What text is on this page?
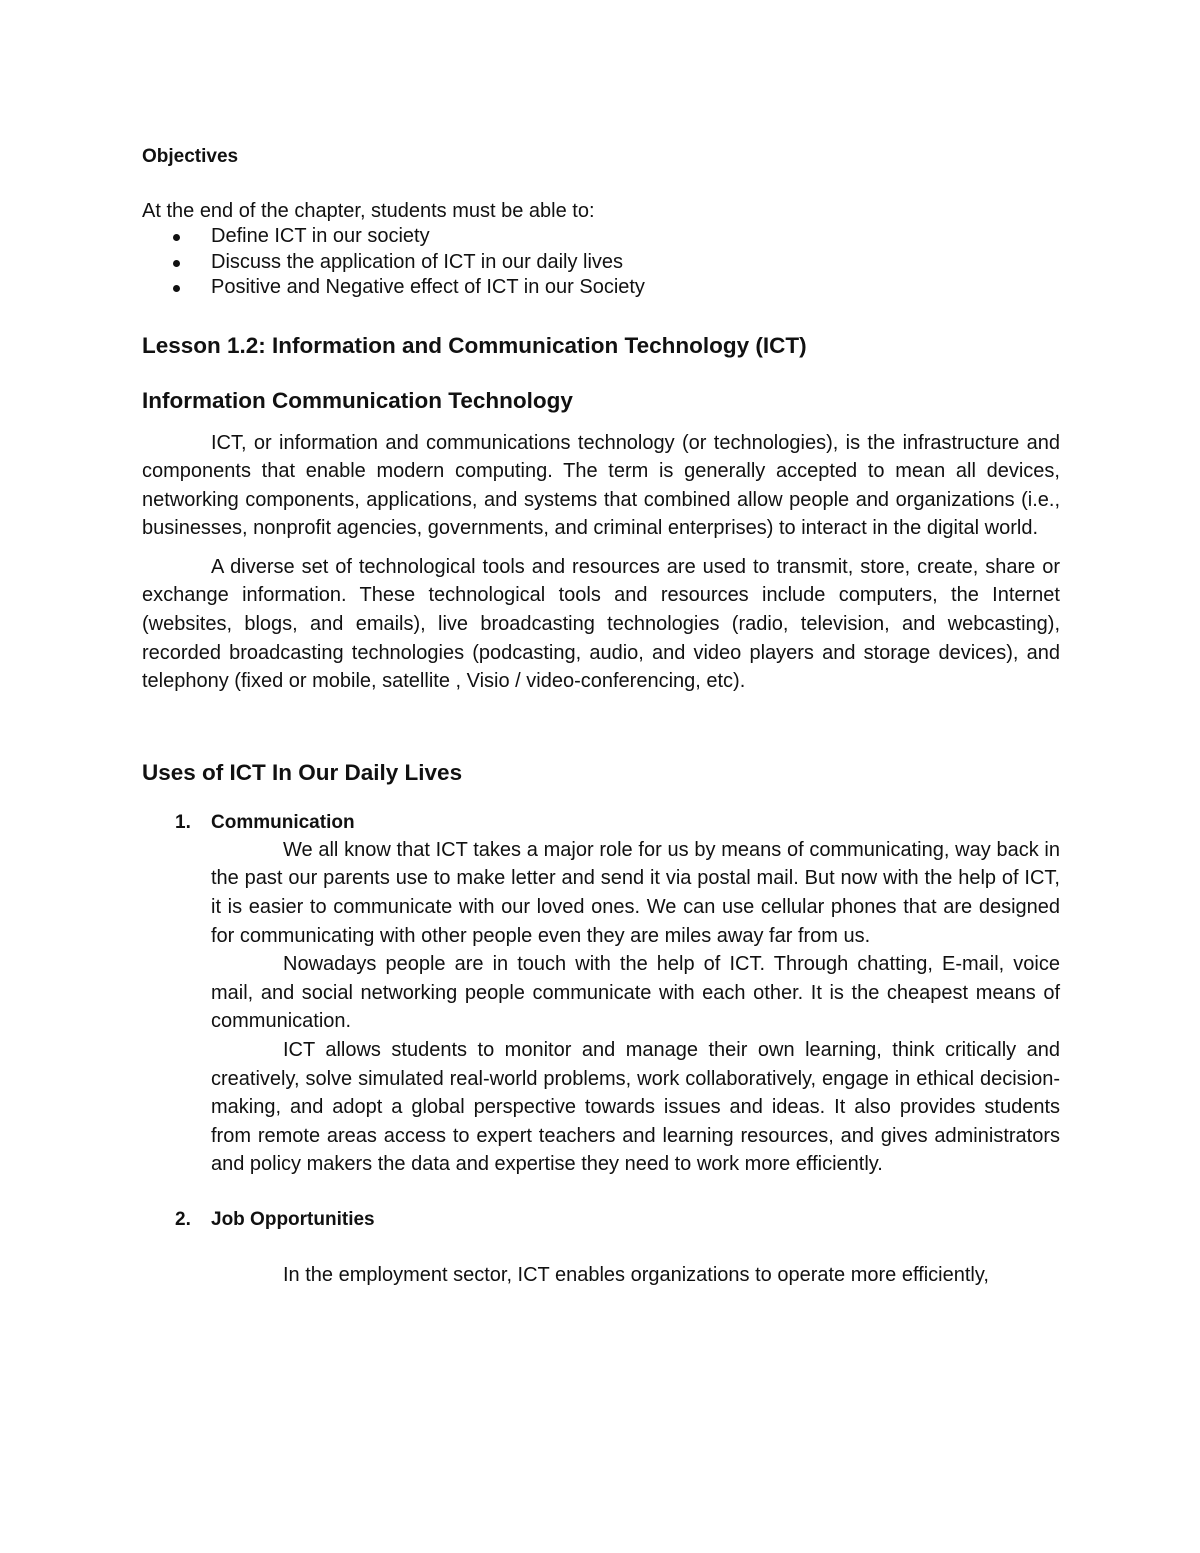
Objectives

At the end of the chapter, students must be able to:

Define ICT in our society
Discuss the application of ICT in our daily lives
Positive and Negative effect of ICT in our Society
Lesson 1.2: Information and Communication Technology (ICT)
Information Communication Technology

ICT, or information and communications technology (or technologies), is the infrastructure and components that enable modern computing. The term is generally accepted to mean all devices, networking components, applications, and systems that combined allow people and organizations (i.e., businesses, nonprofit agencies, governments, and criminal enterprises) to interact in the digital world.

A diverse set of technological tools and resources are used to transmit, store, create, share or exchange information. These technological tools and resources include computers, the Internet (websites, blogs, and emails), live broadcasting technologies (radio, television, and webcasting), recorded broadcasting technologies (podcasting, audio, and video players and storage devices), and telephony (fixed or mobile, satellite , Visio / video-conferencing, etc).

Uses of ICT In Our Daily Lives
1. Communication

We all know that ICT takes a major role for us by means of communicating, way back in the past our parents use to make letter and send it via postal mail. But now with the help of ICT, it is easier to communicate with our loved ones. We can use cellular phones that are designed for communicating with other people even they are miles away far from us.

Nowadays people are in touch with the help of ICT. Through chatting, E-mail, voice mail, and social networking people communicate with each other. It is the cheapest means of communication.

ICT allows students to monitor and manage their own learning, think critically and creatively, solve simulated real-world problems, work collaboratively, engage in ethical decision-making, and adopt a global perspective towards issues and ideas. It also provides students from remote areas access to expert teachers and learning resources, and gives administrators and policy makers the data and expertise they need to work more efficiently.

2. Job Opportunities

In the employment sector, ICT enables organizations to operate more efficiently,
